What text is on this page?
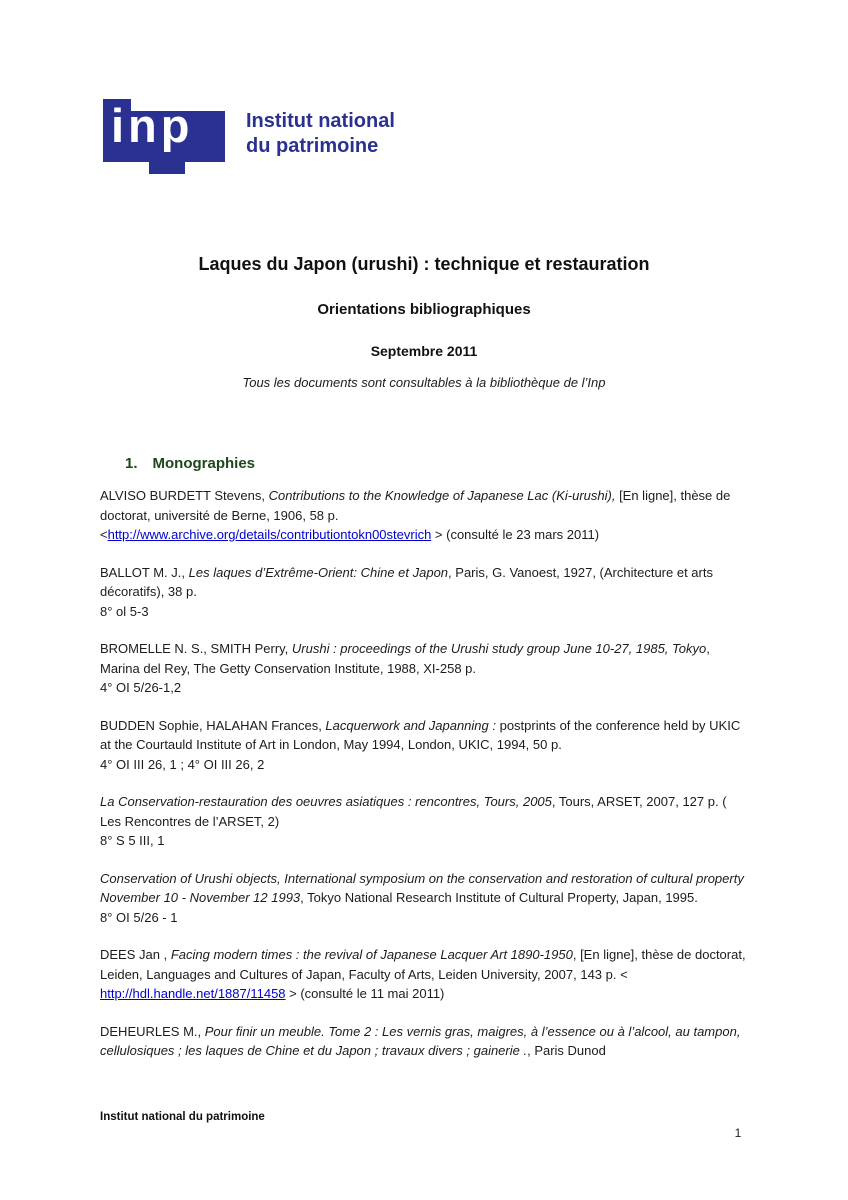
inp	Institut national
du patrimoine
Laques du Japon (urushi) : technique et restauration
Orientations bibliographiques
Septembre 2011
Tous les documents sont consultables à la bibliothèque de l’Inp
1. Monographies

ALVISO BURDETT Stevens, Contributions to the Knowledge of Japanese Lac (Ki-urushi), [En ligne], thèse de doctorat, université de Berne, 1906, 58 p.
<http://www.archive.org/details/contributiontokn00stevrich > (consulté le 23 mars 2011)

BALLOT M. J., Les laques d’Extrême-Orient: Chine et Japon, Paris, G. Vanoest, 1927, (Architecture et arts décoratifs), 38 p.
8° ol 5-3

BROMELLE N. S., SMITH Perry, Urushi : proceedings of the Urushi study group June 10-27, 1985, Tokyo, Marina del Rey, The Getty Conservation Institute, 1988, XI-258 p.
4° OI 5/26-1,2

BUDDEN Sophie, HALAHAN Frances, Lacquerwork and Japanning : postprints of the conference held by UKIC at the Courtauld Institute of Art in London, May 1994, London, UKIC, 1994, 50 p.
4° OI III 26, 1 ; 4° OI III 26, 2

La Conservation-restauration des oeuvres asiatiques : rencontres, Tours, 2005, Tours, ARSET, 2007, 127 p. ( Les Rencontres de l’ARSET, 2)
8° S 5 III, 1

Conservation of Urushi objects, International symposium on the conservation and restoration of cultural property November 10 - November 12 1993, Tokyo National Research Institute of Cultural Property, Japan, 1995.
8° OI 5/26 - 1

DEES Jan , Facing modern times : the revival of Japanese Lacquer Art 1890-1950, [En ligne], thèse de doctorat, Leiden, Languages and Cultures of Japan, Faculty of Arts, Leiden University, 2007, 143 p. < http://hdl.handle.net/1887/11458 > (consulté le 11 mai 2011)

DEHEURLES M., Pour finir un meuble. Tome 2 : Les vernis gras, maigres, à l’essence ou à l’alcool, au tampon, cellulosiques ; les laques de Chine et du Japon ; travaux divers ; gainerie ., Paris Dunod

Institut national du patrimoine
1
